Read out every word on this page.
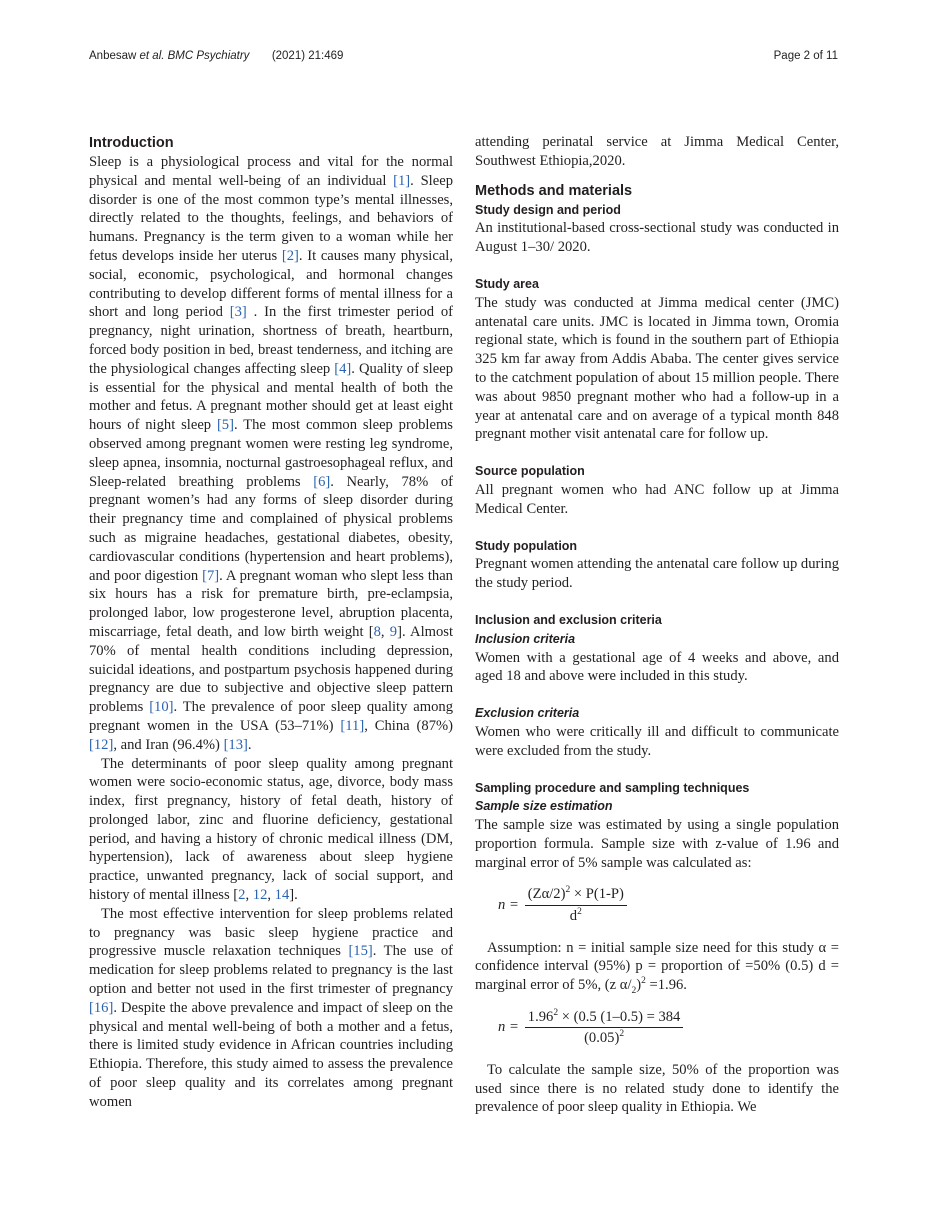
Anbesaw et al. BMC Psychiatry (2021) 21:469	Page 2 of 11
Introduction

Sleep is a physiological process and vital for the normal physical and mental well-being of an individual [1]. Sleep disorder is one of the most common type’s mental illnesses, directly related to the thoughts, feelings, and behaviors of humans. Pregnancy is the term given to a woman while her fetus develops inside her uterus [2]. It causes many physical, social, economic, psychological, and hormonal changes contributing to develop different forms of mental illness for a short and long period [3] . In the first trimester period of pregnancy, night urination, shortness of breath, heartburn, forced body position in bed, breast tenderness, and itching are the physiological changes affecting sleep [4]. Quality of sleep is essential for the physical and mental health of both the mother and fetus. A pregnant mother should get at least eight hours of night sleep [5]. The most common sleep problems observed among pregnant women were resting leg syndrome, sleep apnea, insomnia, nocturnal gastroesophageal reflux, and Sleep-related breathing problems [6]. Nearly, 78% of pregnant women’s had any forms of sleep disorder during their pregnancy time and complained of physical problems such as migraine headaches, gestational diabetes, obesity, cardiovascular conditions (hypertension and heart problems), and poor digestion [7]. A pregnant woman who slept less than six hours has a risk for premature birth, pre-eclampsia, prolonged labor, low progesterone level, abruption placenta, miscarriage, fetal death, and low birth weight [8, 9]. Almost 70% of mental health conditions including depression, suicidal ideations, and postpartum psychosis happened during pregnancy are due to subjective and objective sleep pattern problems [10]. The prevalence of poor sleep quality among pregnant women in the USA (53–71%) [11], China (87%) [12], and Iran (96.4%) [13].

The determinants of poor sleep quality among pregnant women were socio-economic status, age, divorce, body mass index, first pregnancy, history of fetal death, history of prolonged labor, zinc and fluorine deficiency, gestational period, and having a history of chronic medical illness (DM, hypertension), lack of awareness about sleep hygiene practice, unwanted pregnancy, lack of social support, and history of mental illness [2, 12, 14].

The most effective intervention for sleep problems related to pregnancy was basic sleep hygiene practice and progressive muscle relaxation techniques [15]. The use of medication for sleep problems related to pregnancy is the last option and better not used in the first trimester of pregnancy [16]. Despite the above prevalence and impact of sleep on the physical and mental well-being of both a mother and a fetus, there is limited study evidence in African countries including Ethiopia. Therefore, this study aimed to assess the prevalence of poor sleep quality and its correlates among pregnant women

attending perinatal service at Jimma Medical Center, Southwest Ethiopia,2020.

Methods and materials
Study design and period

An institutional-based cross-sectional study was conducted in August 1–30/ 2020.

Study area

The study was conducted at Jimma medical center (JMC) antenatal care units. JMC is located in Jimma town, Oromia regional state, which is found in the southern part of Ethiopia 325 km far away from Addis Ababa. The center gives service to the catchment population of about 15 million people. There was about 9850 pregnant mother who had a follow-up in a year at antenatal care and on average of a typical month 848 pregnant mother visit antenatal care for follow up.

Source population

All pregnant women who had ANC follow up at Jimma Medical Center.

Study population

Pregnant women attending the antenatal care follow up during the study period.

Inclusion and exclusion criteria
Inclusion criteria

Women with a gestational age of 4 weeks and above, and aged 18 and above were included in this study.

Exclusion criteria

Women who were critically ill and difficult to communicate were excluded from the study.

Sampling procedure and sampling techniques
Sample size estimation

The sample size was estimated by using a single population proportion formula. Sample size with z-value of 1.96 and marginal error of 5% sample was calculated as:

$n = \frac{(Z\alpha/2)^2 \times P(1-P)}{d^2}$

Assumption: n = initial sample size need for this study α = confidence interval (95%) p = proportion of =50% (0.5) d = marginal error of 5%, (z $\alpha/_2)^2 =1.96$.

$n = \frac{1.96^2 \times (0.5 (1-0.5) = 384}{(0.05)^2}$

To calculate the sample size, 50% of the proportion was used since there is no related study done to identify the prevalence of poor sleep quality in Ethiopia. We
